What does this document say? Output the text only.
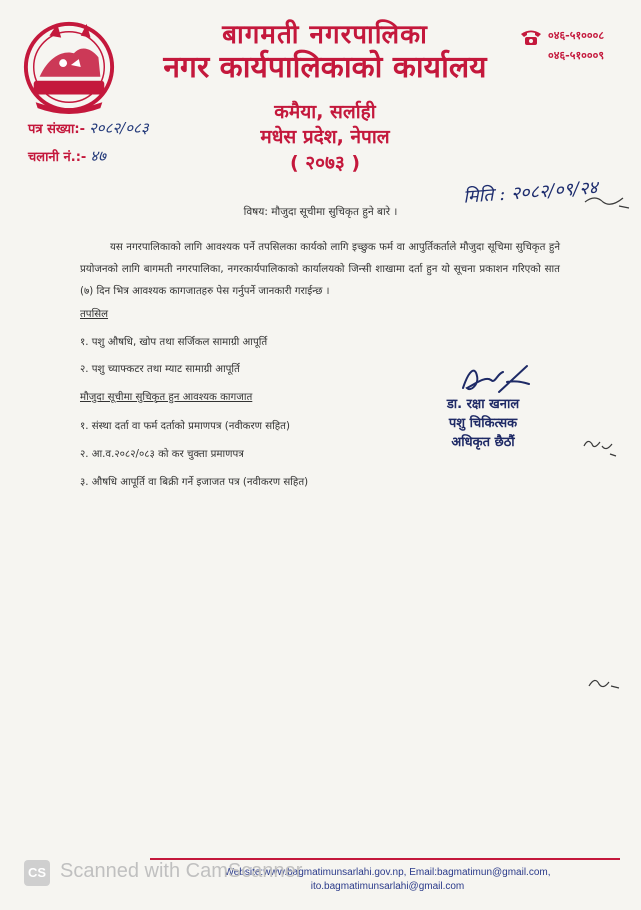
बागमती नगरपालिका
नगर कार्यपालिकाको कार्यालय
कमैया, सर्लाही
मधेस प्रदेश, नेपाल
( २०७३ )
०४६-५१०००८
०४६-५१०००९
पत्र संख्या:- २०८२/०८३
चलानी नं.:- ४७
मिति : २०८२/०९/२४
विषय: मौजुदा सूचीमा सुचिकृत हुने बारे ।
यस नगरपालिकाको लागि आवश्यक पर्ने तपसिलका कार्यको लागि इच्छुक फर्म वा आपुर्तिकर्ताले मौजुदा सूचिमा सुचिकृत हुने प्रयोजनको लागि बागमती नगरपालिका, नगरकार्यपालिकाको कार्यालयको जिन्सी शाखामा दर्ता हुन यो सूचना प्रकाशन गरिएको सात (७) दिन भित्र आवश्यक कागजातहरु पेस गर्नुपर्ने जानकारी गराईन्छ ।
तपसिल
१. पशु औषधि, खोप तथा सर्जिकल सामाग्री आपूर्ति
२. पशु च्याफ्कटर तथा म्याट सामाग्री आपूर्ति
मौजुदा सूचीमा सुचिकृत हुन आवश्यक कागजात
१. संस्था दर्ता वा फर्म दर्ताको प्रमाणपत्र (नवीकरण सहित)
२. आ.व.२०८२/०८३ को कर चुक्ता प्रमाणपत्र
३. औषधि आपूर्ति वा बिक्री गर्ने इजाजत पत्र (नवीकरण सहित)
डा. रक्षा खनाल
पशु चिकित्सक
अधिकृत छैठौं
Website:www.bagmatimunsarlahi.gov.np, Email:bagmatimun@gmail.com,
ito.bagmatimunsarlahi@gmail.com
CS Scanned with CamScanner
